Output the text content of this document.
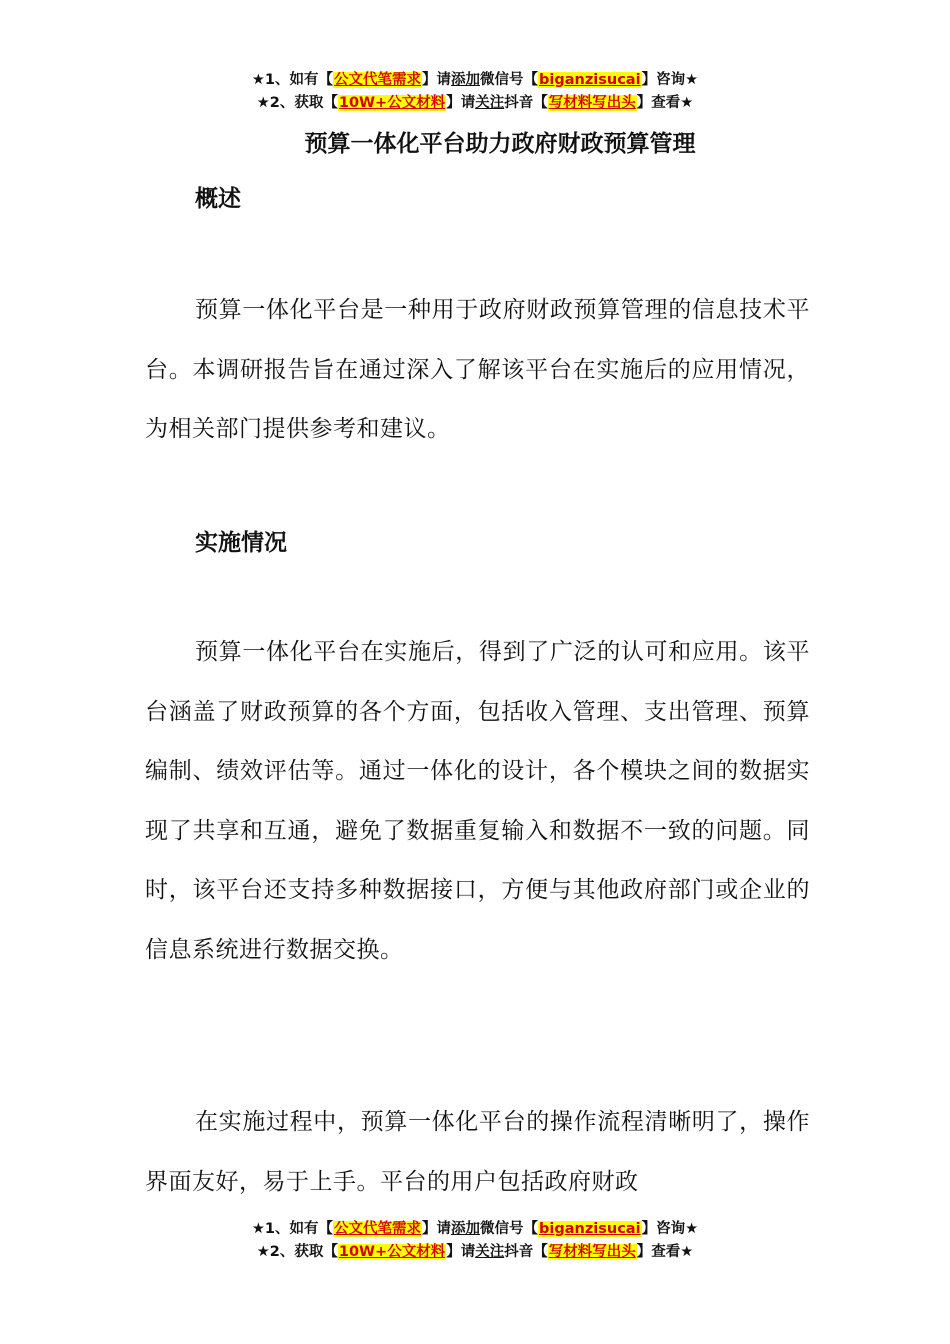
★1、如有【公文代笔需求】请添加微信号【biganzisucai】咨询★
★2、获取【10W+公文材料】请关注抖音【写材料写出头】查看★
预算一体化平台助力政府财政预算管理
概述
预算一体化平台是一种用于政府财政预算管理的信息技术平台。本调研报告旨在通过深入了解该平台在实施后的应用情况，为相关部门提供参考和建议。
实施情况
预算一体化平台在实施后，得到了广泛的认可和应用。该平台涵盖了财政预算的各个方面，包括收入管理、支出管理、预算编制、绩效评估等。通过一体化的设计，各个模块之间的数据实现了共享和互通，避免了数据重复输入和数据不一致的问题。同时，该平台还支持多种数据接口，方便与其他政府部门或企业的信息系统进行数据交换。
在实施过程中，预算一体化平台的操作流程清晰明了，操作界面友好，易于上手。平台的用户包括政府财政
★1、如有【公文代笔需求】请添加微信号【biganzisucai】咨询★
★2、获取【10W+公文材料】请关注抖音【写材料写出头】查看★
